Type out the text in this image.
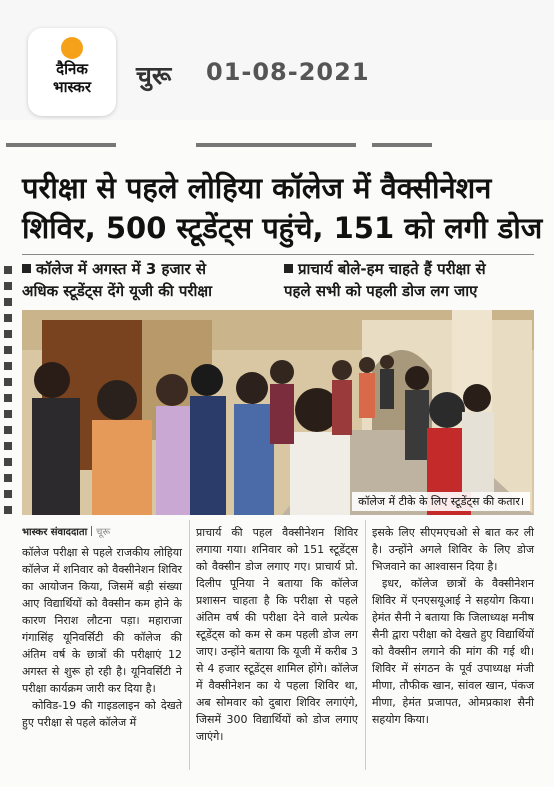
दैनिक
भास्कर	चुरू 01-08-2021
परीक्षा से पहले लोहिया कॉलेज में वैक्सीनेशन
शिविर, 500 स्टूडेंट्स पहुंचे, 151 को लगी डोज
कॉलेज में अगस्त में 3 हजार से
अधिक स्टूडेंट्स देंगे यूजी की परीक्षा
प्राचार्य बोले-हम चाहते हैं परीक्षा से
पहले सभी को पहली डोज लग जाए
कॉलेज में टीके के लिए स्टूडेंट्स की कतार।
भास्कर संवाददाता चूरू

कॉलेज परीक्षा से पहले राजकीय लोहिया कॉलेज में शनिवार को वैक्सीनेशन शिविर का आयोजन किया, जिसमें बड़ी संख्या आए विद्यार्थियों को वैक्सीन कम होने के कारण निराश लौटना पड़ा। महाराजा गंगासिंह यूनिवर्सिटी की कॉलेज की अंतिम वर्ष के छात्रों की परीक्षाएं 12 अगस्त से शुरू हो रही है। यूनिवर्सिटी ने परीक्षा कार्यक्रम जारी कर दिया है।

कोविड-19 की गाइडलाइन को देखते हुए परीक्षा से पहले कॉलेज में

प्राचार्य की पहल वैक्सीनेशन शिविर लगाया गया। शनिवार को 151 स्टूडेंट्स को वैक्सीन डोज लगाए गए। प्राचार्य प्रो. दिलीप पूनिया ने बताया कि कॉलेज प्रशासन चाहता है कि परीक्षा से पहले अंतिम वर्ष की परीक्षा देने वाले प्रत्येक स्टूडेंट्स को कम से कम पहली डोज लग जाए। उन्होंने बताया कि यूजी में करीब 3 से 4 हजार स्टूडेंट्स शामिल होंगे। कॉलेज में वैक्सीनेशन का ये पहला शिविर था, अब सोमवार को दुबारा शिविर लगाएंगे, जिसमें 300 विद्यार्थियों को डोज लगाए जाएंगे।

इसके लिए सीएमएचओ से बात कर ली है। उन्होंने अगले शिविर के लिए डोज भिजवाने का आश्वासन दिया है।

इधर, कॉलेज छात्रों के वैक्सीनेशन शिविर में एनएसयूआई ने सहयोग किया। हेमंत सैनी ने बताया कि जिलाध्यक्ष मनीष सैनी द्वारा परीक्षा को देखते हुए विद्यार्थियों को वैक्सीन लगाने की मांग की गई थी। शिविर में संगठन के पूर्व उपाध्यक्ष मंजी मीणा, तौफीक खान, सांवल खान, पंकज मीणा, हेमंत प्रजापत, ओमप्रकाश सैनी सहयोग किया।
